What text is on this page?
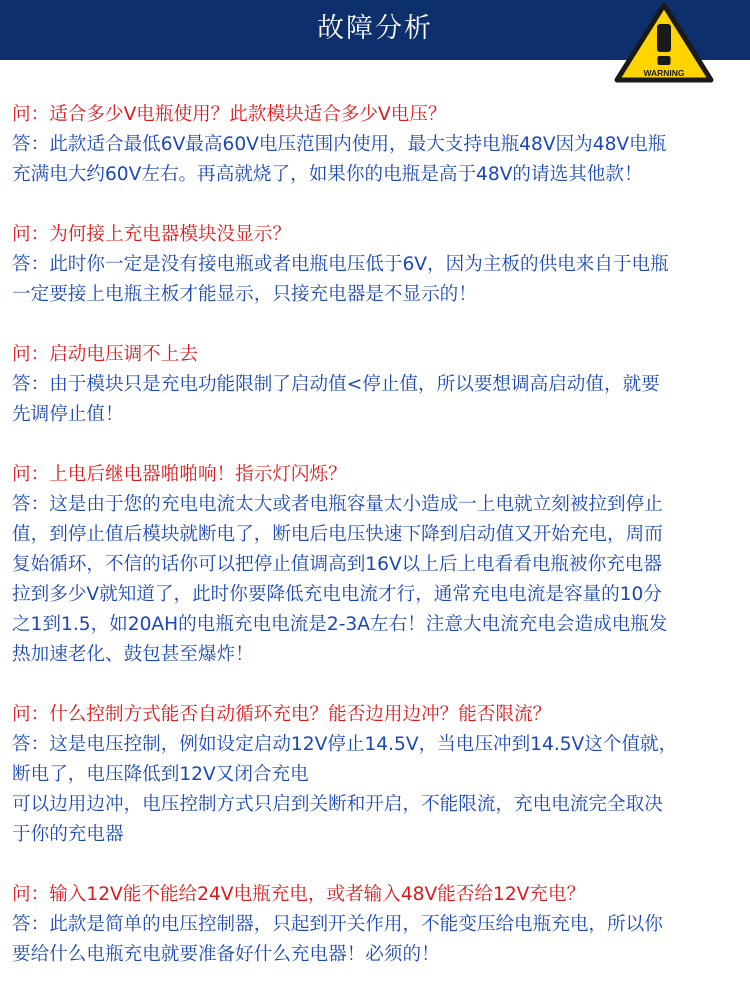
故障分析
WARNING
问：适合多少V电瓶使用？此款模块适合多少V电压？
答：此款适合最低6V最高60V电压范围内使用，最大支持电瓶48V因为48V电瓶
充满电大约60V左右。再高就烧了，如果你的电瓶是高于48V的请选其他款！
问：为何接上充电器模块没显示？
答：此时你一定是没有接电瓶或者电瓶电压低于6V，因为主板的供电来自于电瓶
一定要接上电瓶主板才能显示，只接充电器是不显示的！
问：启动电压调不上去
答：由于模块只是充电功能限制了启动值<停止值，所以要想调高启动值，就要
先调停止值！
问：上电后继电器啪啪响！指示灯闪烁？
答：这是由于您的充电电流太大或者电瓶容量太小造成一上电就立刻被拉到停止
值，到停止值后模块就断电了，断电后电压快速下降到启动值又开始充电，周而
复始循环，不信的话你可以把停止值调高到16V以上后上电看看电瓶被你充电器
拉到多少V就知道了，此时你要降低充电电流才行，通常充电电流是容量的10分
之1到1.5，如20AH的电瓶充电电流是2-3A左右！注意大电流充电会造成电瓶发
热加速老化、鼓包甚至爆炸！
问：什么控制方式能否自动循环充电？能否边用边冲？能否限流？
答：这是电压控制，例如设定启动12V停止14.5V，当电压冲到14.5V这个值就，
断电了，电压降低到12V又闭合充电
可以边用边冲，电压控制方式只启到关断和开启，不能限流，充电电流完全取决
于你的充电器
问：输入12V能不能给24V电瓶充电，或者输入48V能否给12V充电？
答：此款是简单的电压控制器，只起到开关作用，不能变压给电瓶充电，所以你
要给什么电瓶充电就要准备好什么充电器！必须的！
